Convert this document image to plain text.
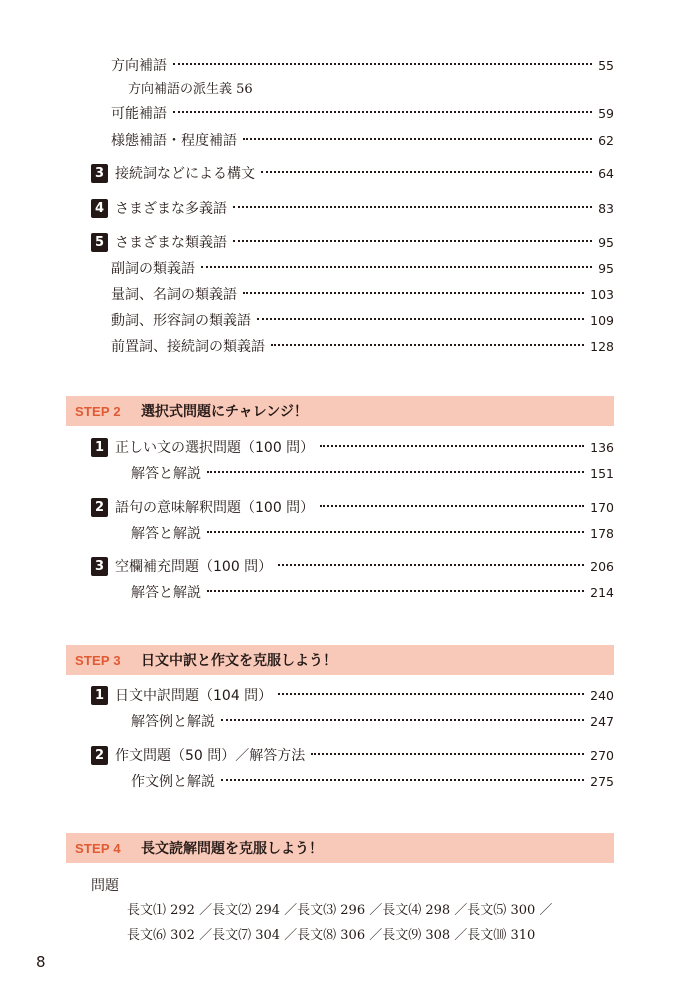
方向補語	55
方向補語の派生義 56
可能補語	59
様態補語・程度補語	62
3 接続詞などによる構文	64
4 さまざまな多義語	83
5 さまざまな類義語	95
副詞の類義語	95
量詞、名詞の類義語	103
動詞、形容詞の類義語	109
前置詞、接続詞の類義語	128
STEP 2	選択式問題にチャレンジ！
1 正しい文の選択問題（100 問）	136
解答と解説	151
2 語句の意味解釈問題（100 問）	170
解答と解説	178
3 空欄補充問題（100 問）	206
解答と解説	214
STEP 3	日文中訳と作文を克服しよう！
1 日文中訳問題（104 問）	240
解答例と解説	247
2 作文問題（50 問）／解答方法	270
作文例と解説	275
STEP 4	長文読解問題を克服しよう！
問題
長文⑴ 292 ／長文⑵ 294 ／長文⑶ 296 ／長文⑷ 298 ／長文⑸ 300 ／
長文⑹ 302 ／長文⑺ 304 ／長文⑻ 306 ／長文⑼ 308 ／長文⑽ 310
8
